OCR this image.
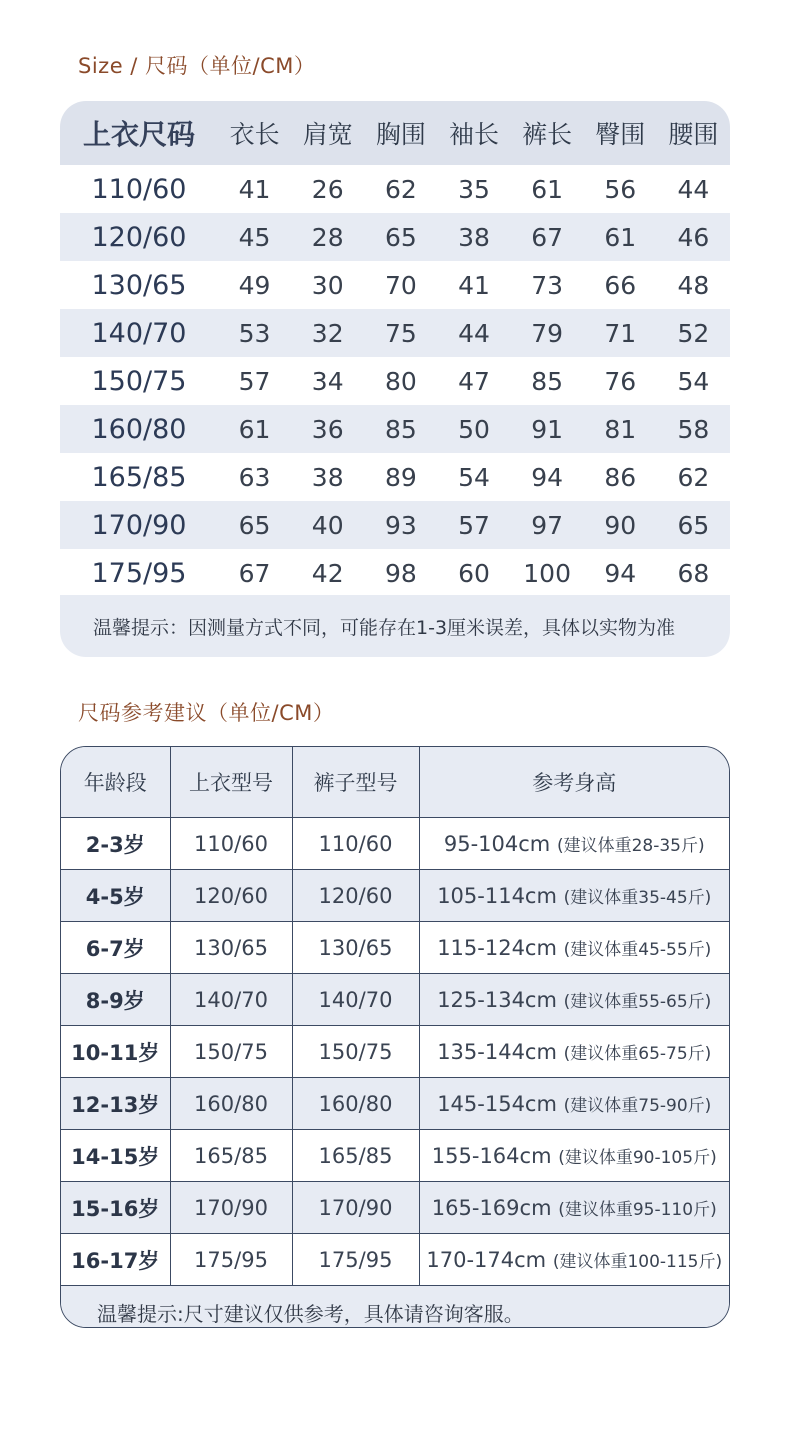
Size / 尺码（单位/CM）
上衣尺码	衣长	肩宽	胸围	袖长	裤长	臀围	腰围
110/60	41	26	62	35	61	56	44
120/60	45	28	65	38	67	61	46
130/65	49	30	70	41	73	66	48
140/70	53	32	75	44	79	71	52
150/75	57	34	80	47	85	76	54
160/80	61	36	85	50	91	81	58
165/85	63	38	89	54	94	86	62
170/90	65	40	93	57	97	90	65
175/95	67	42	98	60	100	94	68
温馨提示：因测量方式不同，可能存在1-3厘米误差，具体以实物为准
尺码参考建议（单位/CM）
年龄段	上衣型号	裤子型号	参考身高
2-3岁	110/60	110/60	95-104cm (建议体重28-35斤)
4-5岁	120/60	120/60	105-114cm (建议体重35-45斤)
6-7岁	130/65	130/65	115-124cm (建议体重45-55斤)
8-9岁	140/70	140/70	125-134cm (建议体重55-65斤)
10-11岁	150/75	150/75	135-144cm (建议体重65-75斤)
12-13岁	160/80	160/80	145-154cm (建议体重75-90斤)
14-15岁	165/85	165/85	155-164cm (建议体重90-105斤)
15-16岁	170/90	170/90	165-169cm (建议体重95-110斤)
16-17岁	175/95	175/95	170-174cm (建议体重100-115斤)
温馨提示:尺寸建议仅供参考，具体请咨询客服。
